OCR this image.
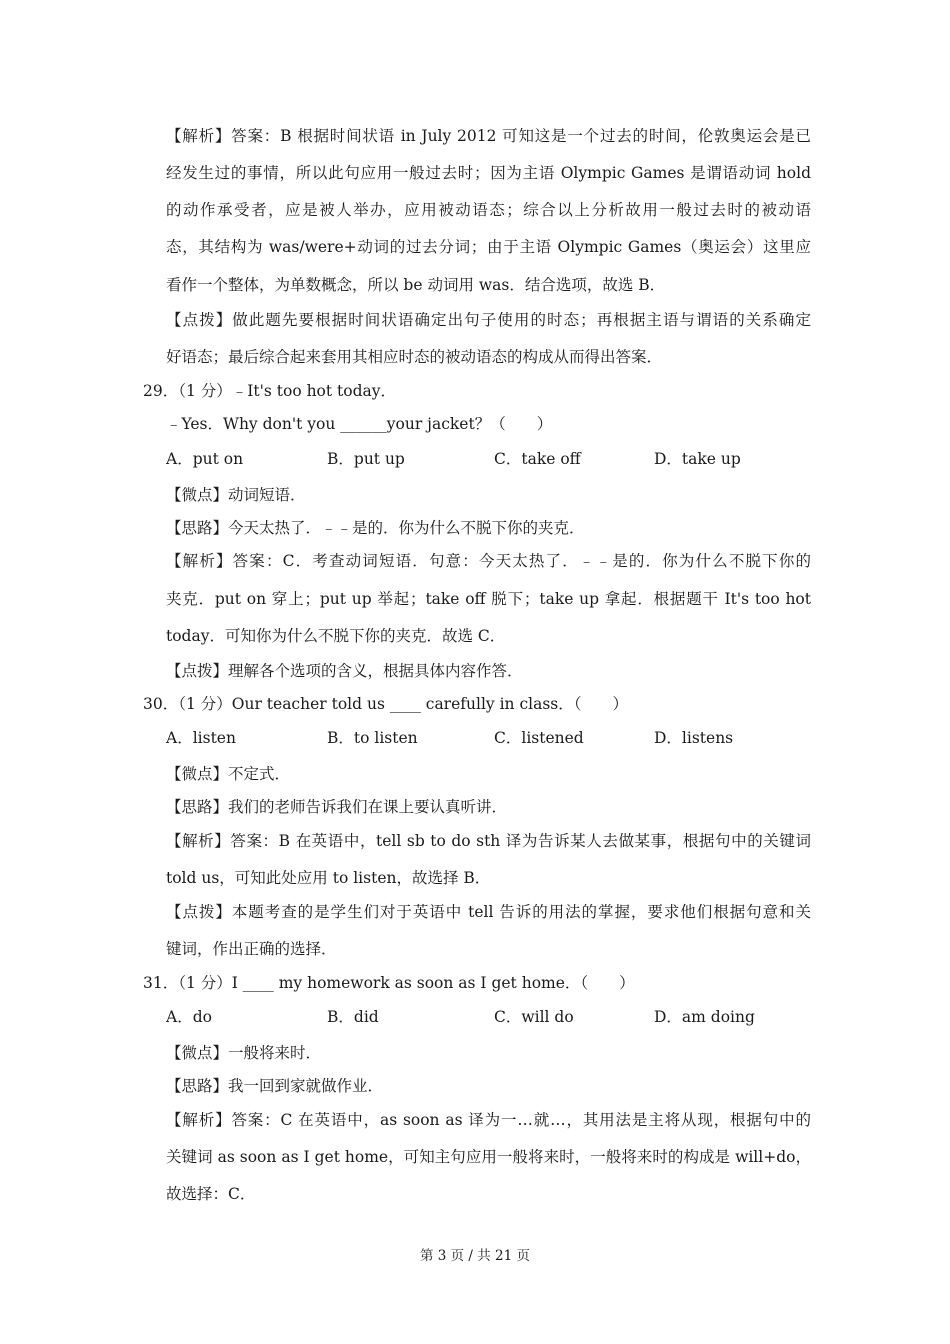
【解析】答案：B 根据时间状语 in July 2012 可知这是一个过去的时间，伦敦奥运会是已
经发生过的事情，所以此句应用一般过去时；因为主语 Olympic Games 是谓语动词 hold
的动作承受者，应是被人举办，应用被动语态；综合以上分析故用一般过去时的被动语
态，其结构为 was/were+动词的过去分词；由于主语 Olympic Games（奥运会）这里应
看作一个整体，为单数概念，所以 be 动词用 was．结合选项，故选 B．
【点拨】做此题先要根据时间状语确定出句子使用的时态；再根据主语与谓语的关系确定
好语态；最后综合起来套用其相应时态的被动语态的构成从而得出答案．
29．（1 分）﹣It's too hot today．
﹣Yes．Why don't you ______your jacket？（　　）
A．put on	B．put up	C．take off	D．take up
【微点】动词短语．
【思路】今天太热了．﹣﹣是的．你为什么不脱下你的夹克．
【解析】答案：C．考查动词短语．句意：今天太热了．﹣﹣是的．你为什么不脱下你的
夹克．put on 穿上；put up 举起；take off 脱下；take up 拿起．根据题干 It's too hot
today．可知你为什么不脱下你的夹克．故选 C．
【点拨】理解各个选项的含义，根据具体内容作答．
30．（1 分）Our teacher told us ____ carefully in class．（　　）
A．listen	B．to listen	C．listened	D．listens
【微点】不定式．
【思路】我们的老师告诉我们在课上要认真听讲．
【解析】答案：B 在英语中，tell sb to do sth 译为告诉某人去做某事，根据句中的关键词
told us，可知此处应用 to listen，故选择 B．
【点拨】本题考查的是学生们对于英语中 tell 告诉的用法的掌握，要求他们根据句意和关
键词，作出正确的选择．
31．（1 分）I ____ my homework as soon as I get home．（　　）
A．do	B．did	C．will do	D．am doing
【微点】一般将来时．
【思路】我一回到家就做作业．
【解析】答案：C 在英语中，as soon as 译为一…就…，其用法是主将从现，根据句中的
关键词 as soon as I get home，可知主句应用一般将来时，一般将来时的构成是 will+do，
故选择：C．
第 3 页 / 共 21 页
